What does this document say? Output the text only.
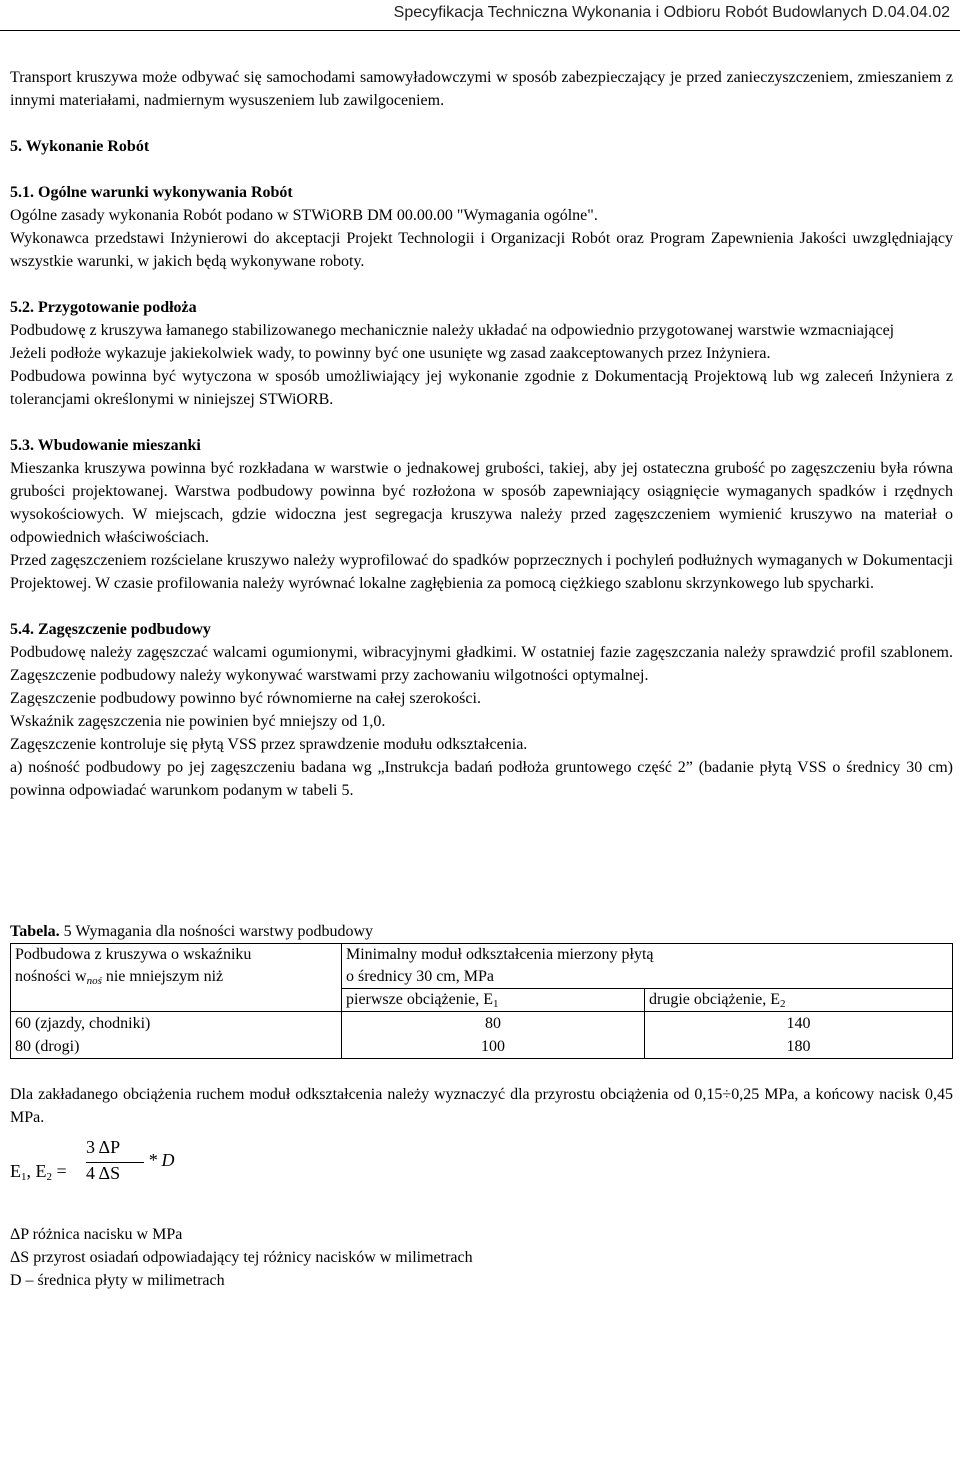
Specyfikacja Techniczna Wykonania i Odbioru Robót Budowlanych D.04.04.02

Transport kruszywa może odbywać się samochodami samowyładowczymi w sposób zabezpieczający je przed zanieczyszczeniem, zmieszaniem z innymi materiałami, nadmiernym wysuszeniem lub zawilgoceniem.

5. Wykonanie Robót

5.1. Ogólne warunki wykonywania Robót

Ogólne zasady wykonania Robót podano w STWiORB DM 00.00.00 "Wymagania ogólne".

Wykonawca przedstawi Inżynierowi do akceptacji Projekt Technologii i Organizacji Robót oraz Program Zapewnienia Jakości uwzględniający wszystkie warunki, w jakich będą wykonywane roboty.

5.2. Przygotowanie podłoża

Podbudowę z kruszywa łamanego stabilizowanego mechanicznie należy układać na odpowiednio przygotowanej warstwie wzmacniającej

Jeżeli podłoże wykazuje jakiekolwiek wady, to powinny być one usunięte wg zasad zaakceptowanych przez Inżyniera.

Podbudowa powinna być wytyczona w sposób umożliwiający jej wykonanie zgodnie z Dokumentacją Projektową lub wg zaleceń Inżyniera z tolerancjami określonymi w niniejszej STWiORB.

5.3. Wbudowanie mieszanki

Mieszanka kruszywa powinna być rozkładana w warstwie o jednakowej grubości, takiej, aby jej ostateczna grubość po zagęszczeniu była równa grubości projektowanej. Warstwa podbudowy powinna być rozłożona w sposób zapewniający osiągnięcie wymaganych spadków i rzędnych wysokościowych. W miejscach, gdzie widoczna jest segregacja kruszywa należy przed zagęszczeniem wymienić kruszywo na materiał o odpowiednich właściwościach.

Przed zagęszczeniem rozścielane kruszywo należy wyprofilować do spadków poprzecznych i pochyleń podłużnych wymaganych w Dokumentacji Projektowej. W czasie profilowania należy wyrównać lokalne zagłębienia za pomocą ciężkiego szablonu skrzynkowego lub spycharki.

5.4. Zagęszczenie podbudowy

Podbudowę należy zagęszczać walcami ogumionymi, wibracyjnymi gładkimi. W ostatniej fazie zagęszczania należy sprawdzić profil szablonem. Zagęszczenie podbudowy należy wykonywać warstwami przy zachowaniu wilgotności optymalnej.

Zagęszczenie podbudowy powinno być równomierne na całej szerokości.

Wskaźnik zagęszczenia nie powinien być mniejszy od 1,0.

Zagęszczenie kontroluje się płytą VSS przez sprawdzenie modułu odkształcenia.

a) nośność podbudowy po jej zagęszczeniu badana wg „Instrukcja badań podłoża gruntowego część 2” (badanie płytą VSS o średnicy 30 cm) powinna odpowiadać warunkom podanym w tabeli 5.

Tabela. 5 Wymagania dla nośności warstwy podbudowy

Podbudowa z kruszywa o wskaźniku
nośności $w_{noś}$ nie mniejszym niż	Minimalny moduł odkształcenia mierzony płytą
o średnicy 30 cm, MPa	
	pierwsze obciążenie, $E_1$	drugie obciążenie, $E_2$
60 (zjazdy, chodniki)	80	140
80 (drogi)	100	180

Dla zakładanego obciążenia ruchem moduł odkształcenia należy wyznaczyć dla przyrostu obciążenia od 0,15÷0,25 MPa, a końcowy nacisk 0,45 MPa.

$E_1$, $E_2$ =
3 ΔP
4 ΔS
* D

ΔP różnica nacisku w MPa

ΔS przyrost osiadań odpowiadający tej różnicy nacisków w milimetrach

D – średnica płyty w milimetrach
